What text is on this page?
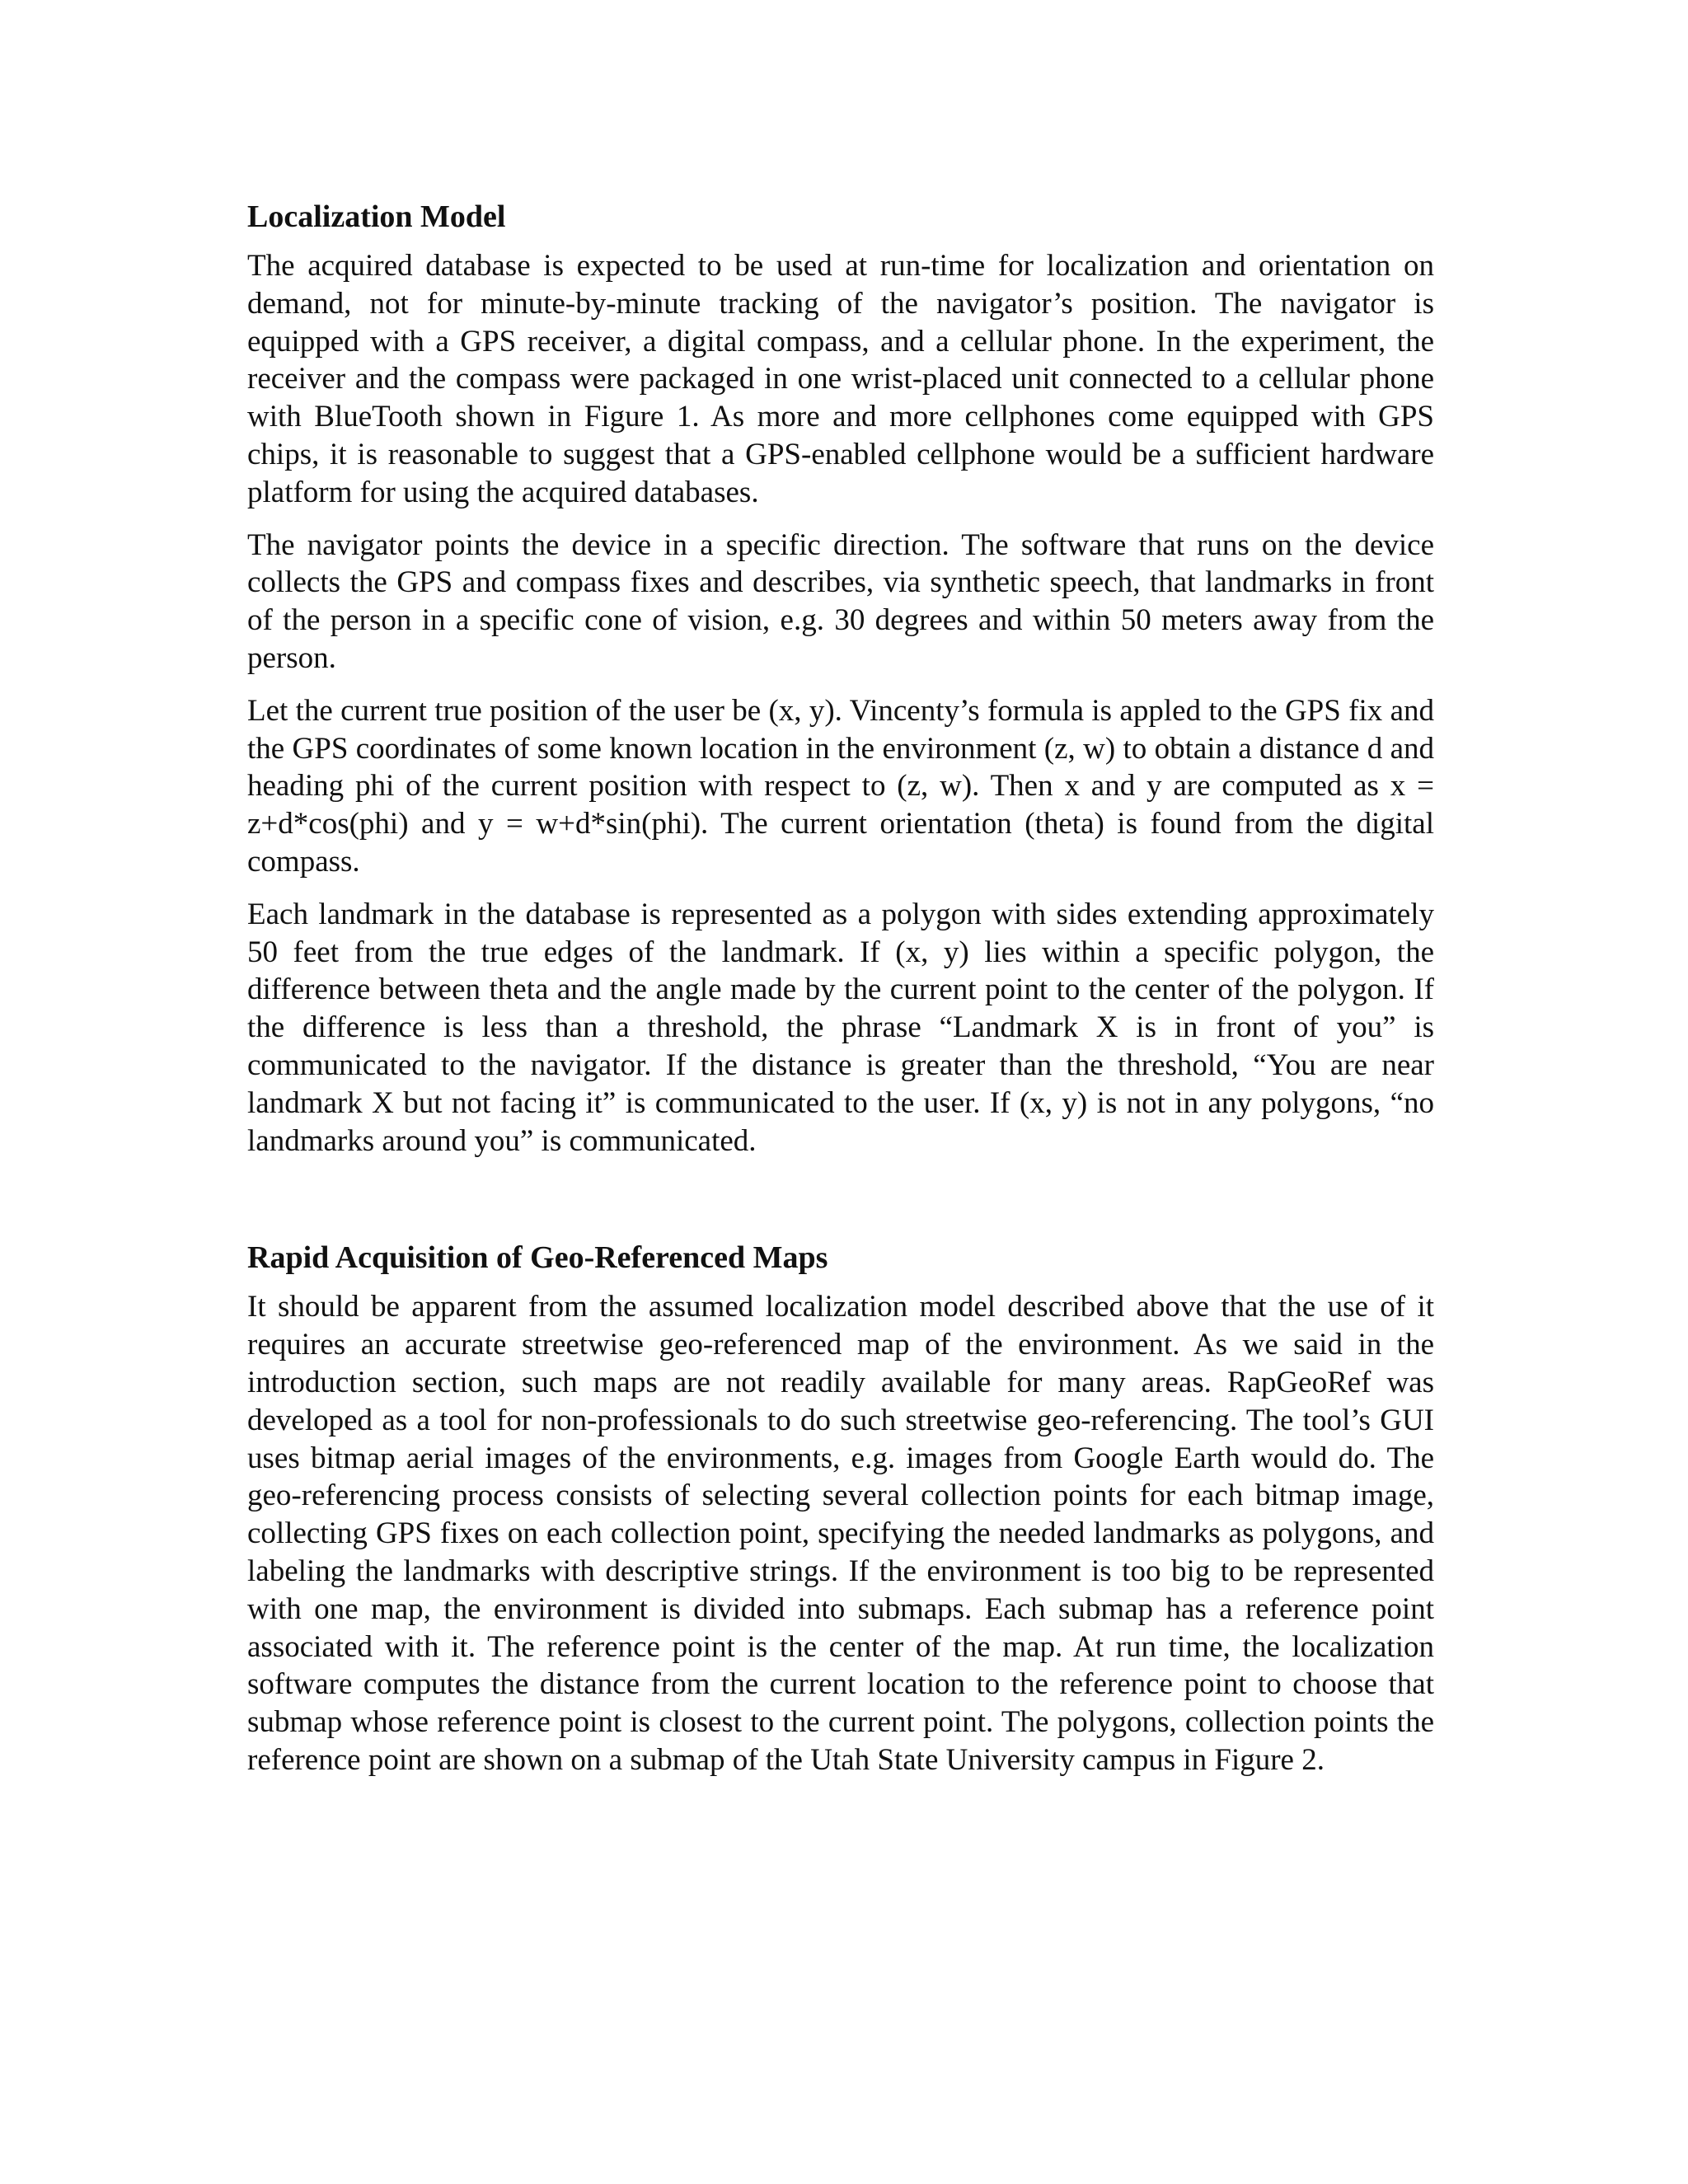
Localization Model

The acquired database is expected to be used at run-time for localization and orientation on demand, not for minute-by-minute tracking of the navigator’s position. The navigator is equipped with a GPS receiver, a digital compass, and a cellular phone. In the experiment, the receiver and the compass were packaged in one wrist-placed unit connected to a cellular phone with BlueTooth shown in Figure 1. As more and more cellphones come equipped with GPS chips, it is reasonable to suggest that a GPS-enabled cellphone would be a sufficient hardware platform for using the acquired databases.

The navigator points the device in a specific direction. The software that runs on the device collects the GPS and compass fixes and describes, via synthetic speech, that landmarks in front of the person in a specific cone of vision, e.g. 30 degrees and within 50 meters away from the person.

Let the current true position of the user be (x, y). Vincenty’s formula is appled to the GPS fix and the GPS coordinates of some known location in the environment (z, w) to obtain a distance d and heading phi of the current position with respect to (z, w). Then x and y are computed as x = z+d*cos(phi) and y = w+d*sin(phi). The current orientation (theta) is found from the digital compass.

Each landmark in the database is represented as a polygon with sides extending approximately 50 feet from the true edges of the landmark. If (x, y) lies within a specific polygon, the difference between theta and the angle made by the current point to the center of the polygon. If the difference is less than a threshold, the phrase “Landmark X is in front of you” is communicated to the navigator. If the distance is greater than the threshold, “You are near landmark X but not facing it” is communicated to the user. If (x, y) is not in any polygons, “no landmarks around you” is communicated.

Rapid Acquisition of Geo-Referenced Maps

It should be apparent from the assumed localization model described above that the use of it requires an accurate streetwise geo-referenced map of the environment. As we said in the introduction section, such maps are not readily available for many areas. RapGeoRef was developed as a tool for non-professionals to do such streetwise geo-referencing. The tool’s GUI uses bitmap aerial images of the environments, e.g. images from Google Earth would do. The geo-referencing process consists of selecting several collection points for each bitmap image, collecting GPS fixes on each collection point, specifying the needed landmarks as polygons, and labeling the landmarks with descriptive strings. If the environment is too big to be represented with one map, the environment is divided into submaps. Each submap has a reference point associated with it. The reference point is the center of the map. At run time, the localization software computes the distance from the current location to the reference point to choose that submap whose reference point is closest to the current point. The polygons, collection points the reference point are shown on a submap of the Utah State University campus in Figure 2.
